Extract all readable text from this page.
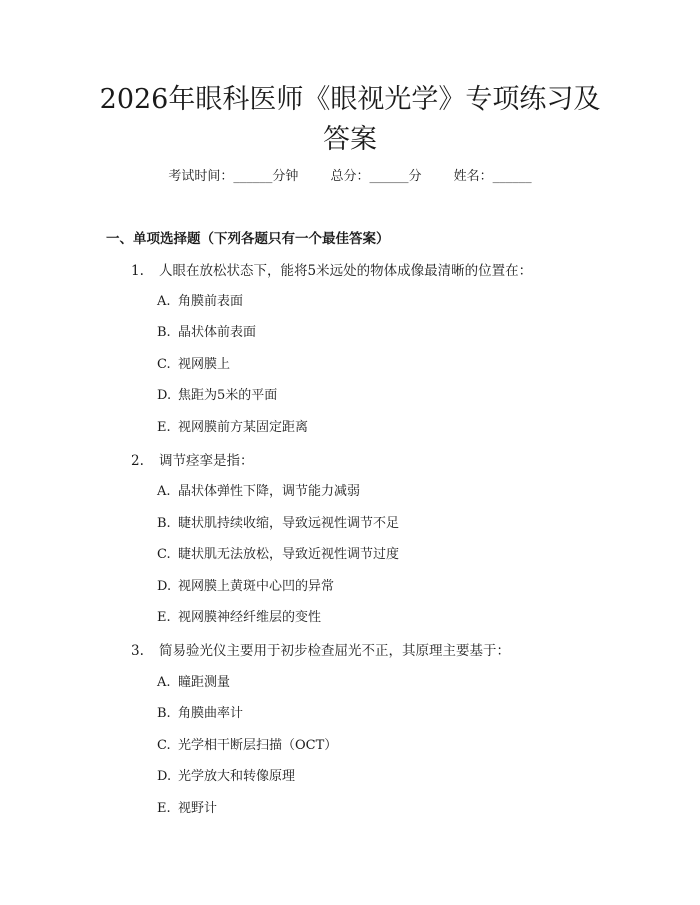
2026年眼科医师《眼视光学》专项练习及答案
考试时间：______分钟 总分：______分 姓名：______
一、单项选择题（下列各题只有一个最佳答案）
1. 人眼在放松状态下，能将5米远处的物体成像最清晰的位置在：
A. 角膜前表面
B. 晶状体前表面
C. 视网膜上
D. 焦距为5米的平面
E. 视网膜前方某固定距离
2. 调节痉挛是指：
A. 晶状体弹性下降，调节能力减弱
B. 睫状肌持续收缩，导致远视性调节不足
C. 睫状肌无法放松，导致近视性调节过度
D. 视网膜上黄斑中心凹的异常
E. 视网膜神经纤维层的变性
3. 简易验光仪主要用于初步检查屈光不正，其原理主要基于：
A. 瞳距测量
B. 角膜曲率计
C. 光学相干断层扫描（OCT）
D. 光学放大和转像原理
E. 视野计
